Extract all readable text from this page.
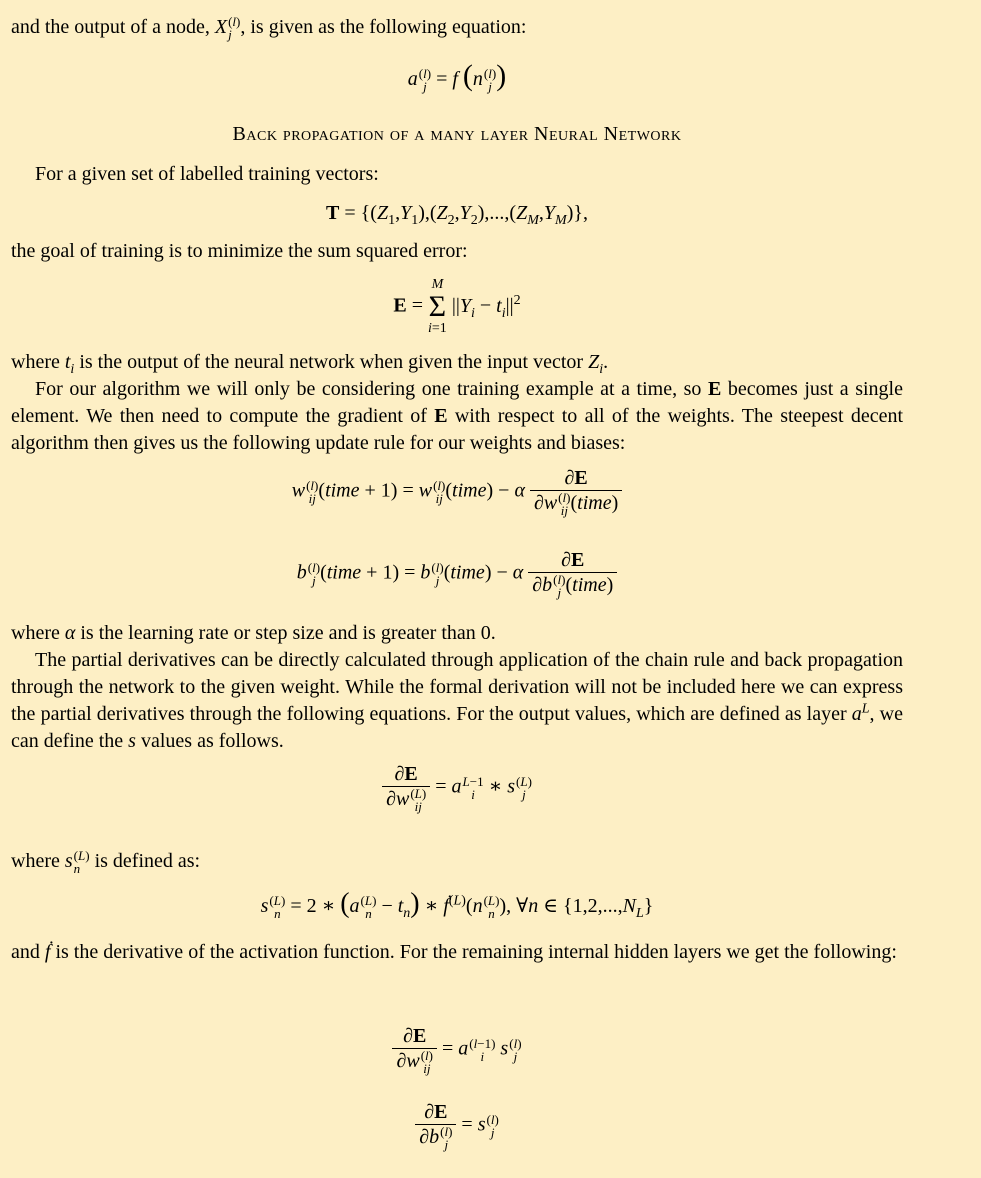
and the output of a node, X (l)
j , is given as the following equation:

a (l)
j = f (n (l)
j )
Back propagation of a many layer Neural Network

For a given set of labelled training vectors:

$T = \{(Z_1,Y_1),(Z_2,Y_2),...,(Z_M,Y_M)\}$,

the goal of training is to minimize the sum squared error:

E =
M
Σ
i=1
$||Y_i - t_i||^2$

where $t_i$ is the output of the neural network when given the input vector $Z_i$.

For our algorithm we will only be considering one training example at a time, so E becomes just a single element. We then need to compute the gradient of E with respect to all of the weights. The steepest decent algorithm then gives us the following update rule for our weights and biases:

w (l)
ij (time + 1) = w (l)
ij (time) − α ∂E
∂w (l)
ij (time)
b (l)
j (time + 1) = b (l)
j (time) − α ∂E
∂b (l)
j (time)

where α is the learning rate or step size and is greater than 0.

The partial derivatives can be directly calculated through application of the chain rule and back propagation through the network to the given weight. While the formal derivation will not be included here we can express the partial derivatives through the following equations. For the output values, which are defined as layer $a^L$, we can define the s values as follows.

∂E
∂w (L)
ij = a L−1
i ∗ s (L)
j

where s (L)
n is defined as:

s (L)
n = 2 ∗ (a (L)
$n - t_n$) ∗ ḟ$^{(L)}$(n (L)
n ), ∀n ∈ $\{1,2,...,N_L\}$

and ḟ is the derivative of the activation function. For the remaining internal hidden layers we get the following:

∂E
∂w (l)
ij = a (l−1)
i s (l)
j
∂E
∂b (l)
j = s (l)
j
